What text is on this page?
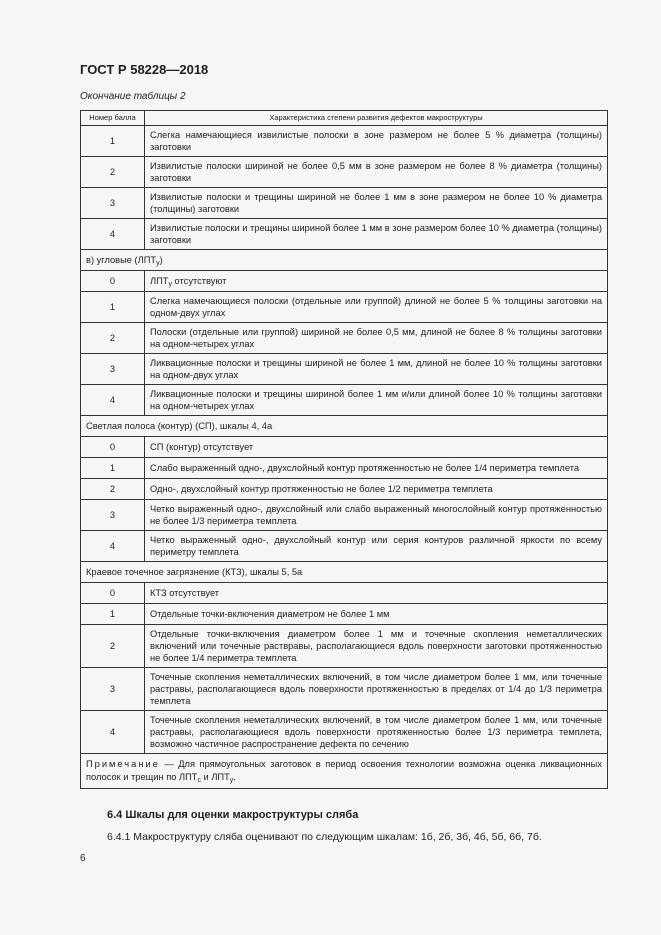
ГОСТ Р 58228—2018
Окончание таблицы 2
Номер балла	Характеристика степени развития дефектов макроструктуры
1	Слегка намечающиеся извилистые полоски в зоне размером не более 5 % диаметра (толщины) заготовки
2	Извилистые полоски шириной не более 0,5 мм в зоне размером не более 8 % диаметра (толщины) заготовки
3	Извилистые полоски и трещины шириной не более 1 мм в зоне размером не более 10 % диаметра (толщины) заготовки
4	Извилистые полоски и трещины шириной более 1 мм в зоне размером более 10 % диаметра (толщины) заготовки
в) угловые $(ЛПТ_у)$	
0	$ЛПТ_у$ отсутствуют
1	Слегка намечающиеся полоски (отдельные или группой) длиной не более 5 % толщины заготовки на одном-двух углах
2	Полоски (отдельные или группой) шириной не более 0,5 мм, длиной не более 8 % толщины заготовки на одном-четырех углах
3	Ликвационные полоски и трещины шириной не более 1 мм, длиной не более 10 % толщины заготовки на одном-двух углах
4	Ликвационные полоски и трещины шириной более 1 мм и/или длиной более 10 % толщины заготовки на одном-четырех углах
Светлая полоса (контур) (СП), шкалы 4, 4а	
0	СП (контур) отсутствует
1	Слабо выраженный одно-, двухслойный контур протяженностью не более 1/4 периметра темплета
2	Одно-, двухслойный контур протяженностью не более 1/2 периметра темплета
3	Четко выраженный одно-, двухслойный или слабо выраженный многослойный контур протяженностью не более 1/3 периметра темплета
4	Четко выраженный одно-, двухслойный контур или серия контуров различной яркости по всему периметру темплета
Краевое точечное загрязнение (КТЗ), шкалы 5, 5а	
0	КТЗ отсутствует
1	Отдельные точки-включения диаметром не более 1 мм
2	Отдельные точки-включения диаметром более 1 мм и точечные скопления неметаллических включений или точечные раствравы, располагающиеся вдоль поверхности заготовки протяженностью не более 1/4 периметра темплета
3	Точечные скопления неметаллических включений, в том числе диаметром более 1 мм, или точечные растравы, располагающиеся вдоль поверхности протяженностью в пределах от 1/4 до 1/3 периметра темплета
4	Точечные скопления неметаллических включений, в том числе диаметром более 1 мм, или точечные растравы, располагающиеся вдоль поверхности протяженностью более 1/3 периметра темплета, возможно частичное распространение дефекта по сечению
Примечание — Для прямоугольных заготовок в период освоения технологии возможна оценка ликвационных полосок и трещин по $ЛПТ_с$ и $ЛПТ_у$.	
6.4 Шкалы для оценки макроструктуры сляба
6.4.1 Макроструктуру сляба оценивают по следующим шкалам: 1б, 2б, 3б, 4б, 5б, 6б, 7б.
6
